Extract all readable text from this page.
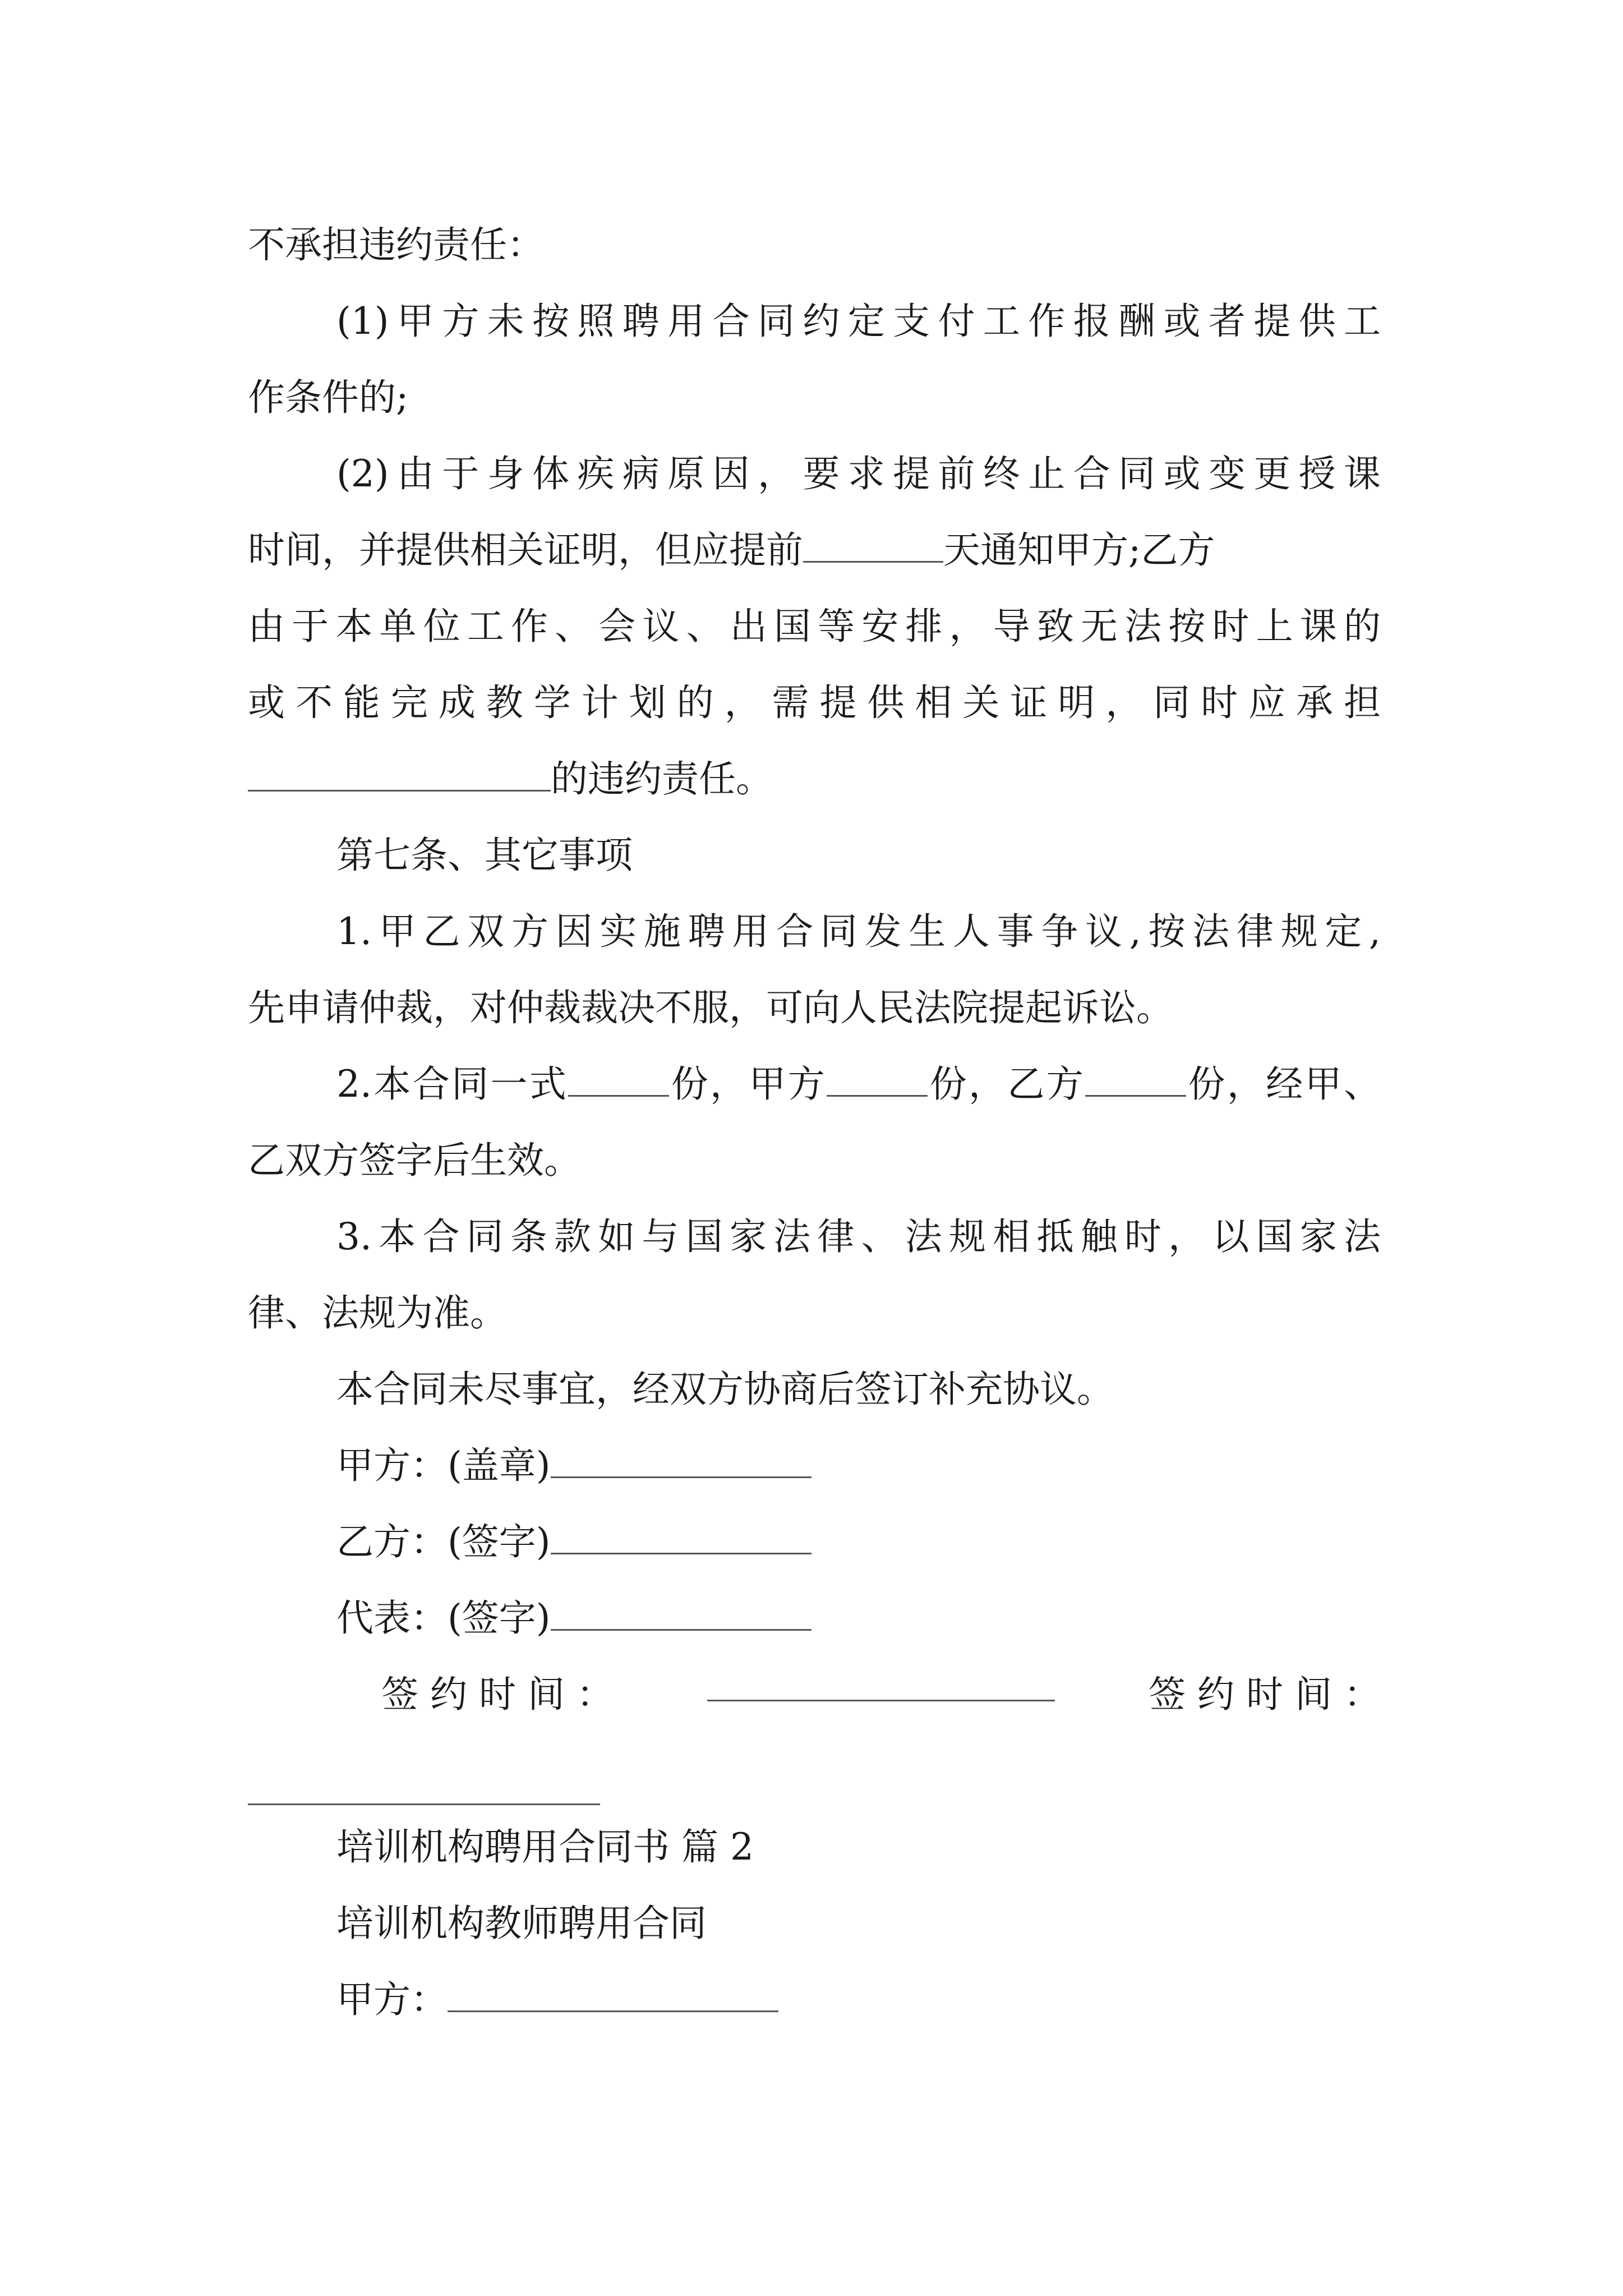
不承担违约责任：
(1)甲方未按照聘用合同约定支付工作报酬或者提供工
作条件的;
(2)由于身体疾病原因，要求提前终止合同或变更授课
时间，并提供相关证明，但应提前	天通知甲方;乙方
由于本单位工作、会议、出国等安排，导致无法按时上课的
或不能完成教学计划的，需提供相关证明，同时应承担
的违约责任。
第七条、其它事项
1.甲乙双方因实施聘用合同发生人事争议,按法律规定,
先申请仲裁，对仲裁裁决不服，可向人民法院提起诉讼。
2.本合同一式	份，甲方	份，乙方	份，经甲、
乙双方签字后生效。
3.本合同条款如与国家法律、法规相抵触时，以国家法
律、法规为准。
本合同未尽事宜，经双方协商后签订补充协议。
甲方：(盖章)
乙方：(签字)
代表：(签字)
签 约 时 间 ：	签 约 时 间 ：
培训机构聘用合同书 篇 2
培训机构教师聘用合同
甲方：
